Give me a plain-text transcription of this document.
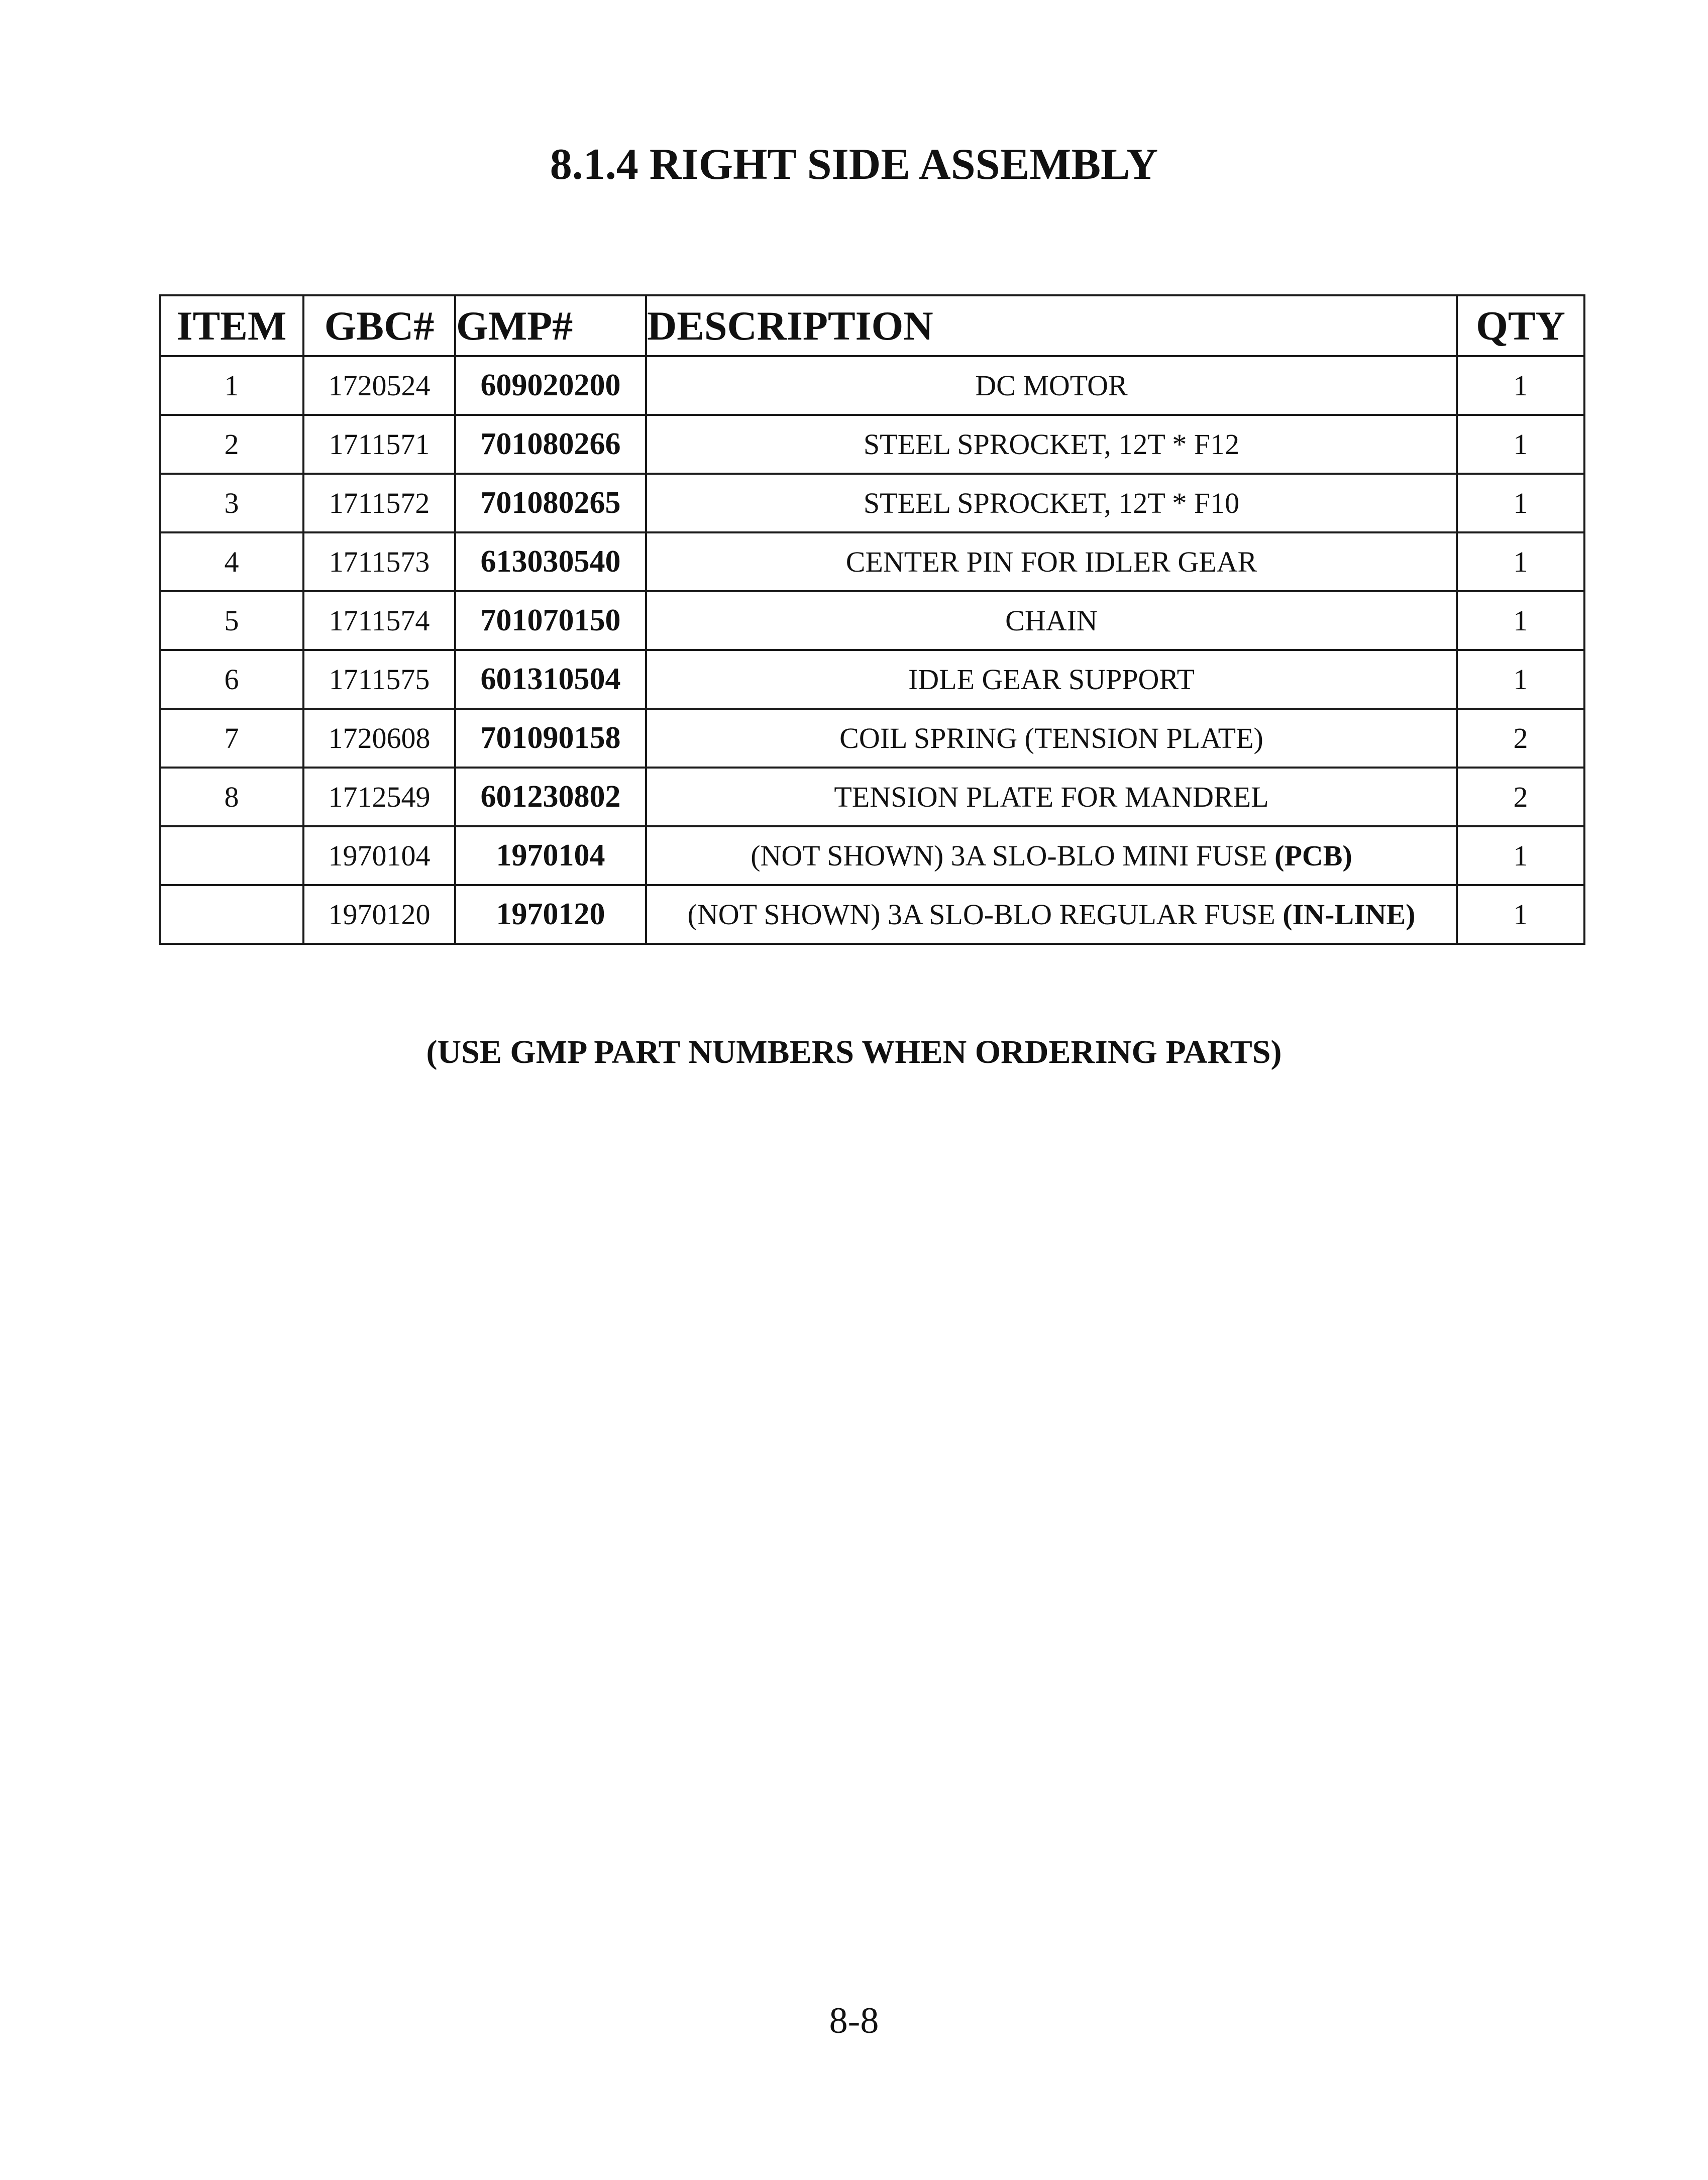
8.1.4 RIGHT SIDE ASSEMBLY
ITEM	GBC#	GMP#	DESCRIPTION	QTY
1	1720524	609020200	DC MOTOR	1
2	1711571	701080266	STEEL SPROCKET, 12T * F12	1
3	1711572	701080265	STEEL SPROCKET, 12T * F10	1
4	1711573	613030540	CENTER PIN FOR IDLER GEAR	1
5	1711574	701070150	CHAIN	1
6	1711575	601310504	IDLE GEAR SUPPORT	1
7	1720608	701090158	COIL SPRING (TENSION PLATE)	2
8	1712549	601230802	TENSION PLATE FOR MANDREL	2
	1970104	1970104	(NOT SHOWN) 3A SLO-BLO MINI FUSE (PCB)	1
	1970120	1970120	(NOT SHOWN) 3A SLO-BLO REGULAR FUSE (IN-LINE)	1
(USE GMP PART NUMBERS WHEN ORDERING PARTS)
8-8
